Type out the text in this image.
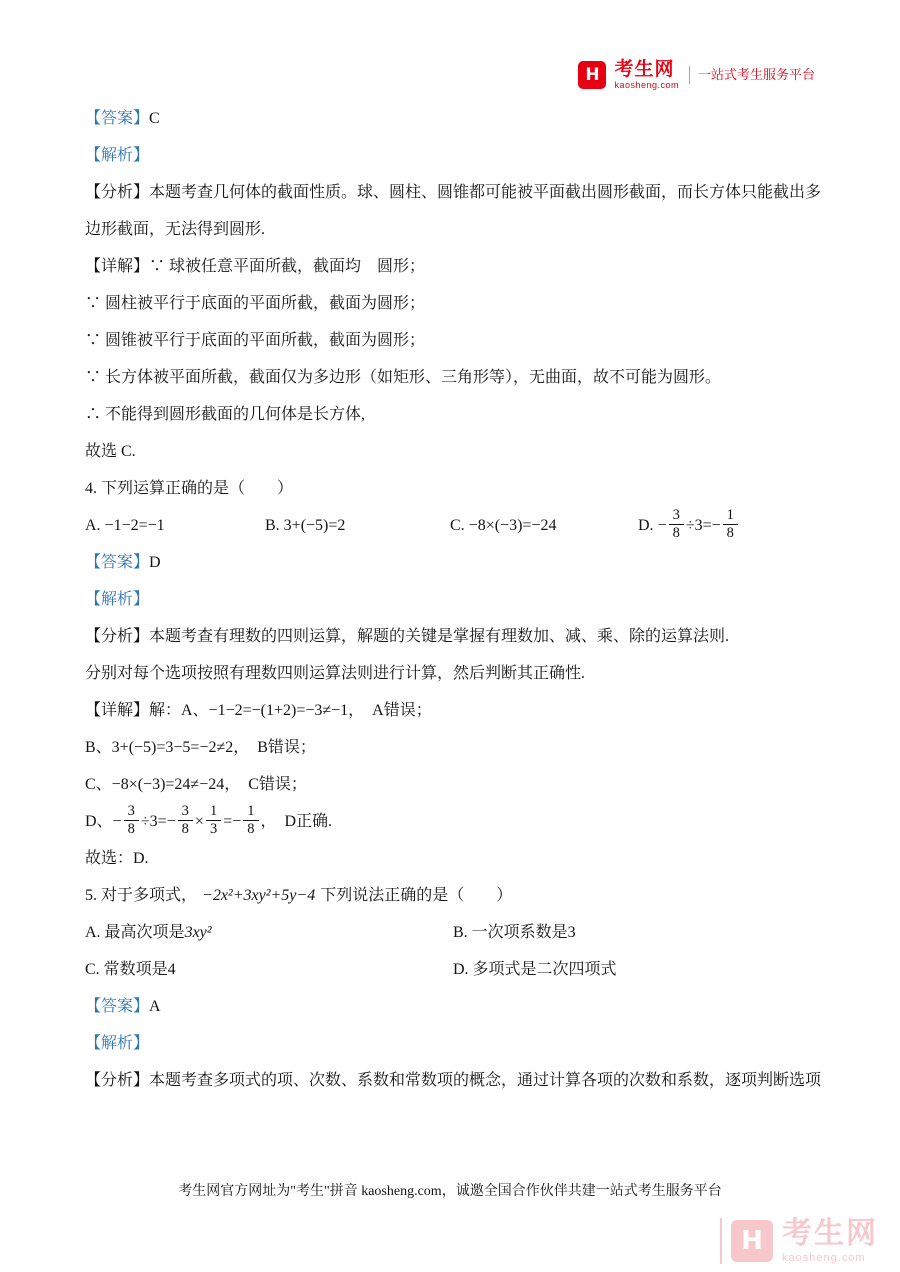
H 考生网
kaosheng.com
一站式考生服务平台

【答案】C

【解析】

【分析】本题考查几何体的截面性质。球、圆柱、圆锥都可能被平面截出圆形截面，而长方体只能截出多边形截面，无法得到圆形.

【详解】∵ 球被任意平面所截，截面均　圆形；

∵ 圆柱被平行于底面的平面所截，截面为圆形；

∵ 圆锥被平行于底面的平面所截，截面为圆形；

∵ 长方体被平面所截，截面仅为多边形（如矩形、三角形等），无曲面，故不可能为圆形。

∴ 不能得到圆形截面的几何体是长方体,

故选 C.

4. 下列运算正确的是（　　）

A. −1−2=−1	B. 3+(−5)=2	C. −8×(−3)=−24	D. − $\frac{3}{8} \div 3=- \frac{1}{8}$

【答案】D

【解析】

【分析】本题考查有理数的四则运算，解题的关键是掌握有理数加、减、乘、除的运算法则.

分别对每个选项按照有理数四则运算法则进行计算，然后判断其正确性.

【详解】解：A、−1−2=−(1+2)=−3≠−1，　A错误；

B、3+(−5)=3−5=−2≠2，　B错误；

C、−8×(−3)=24≠−24，　C错误；

D、− $\frac{3}{8} \div 3=- \frac{3}{8} \times \frac{1}{3} =- \frac{1}{8}$ ，　D正确.

故选：D.

5. 对于多项式， −2x²+3xy²+5y−4 下列说法正确的是（　　）

A. 最高次项是3xy²	B. 一次项系数是3

C. 常数项是4	D. 多项式是二次四项式

【答案】A

【解析】

【分析】本题考查多项式的项、次数、系数和常数项的概念，通过计算各项的次数和系数，逐项判断选项

考生网官方网址为"考生"拼音 kaosheng.com，诚邀全国合作伙伴共建一站式考生服务平台
H 考生网
kaosheng.com
